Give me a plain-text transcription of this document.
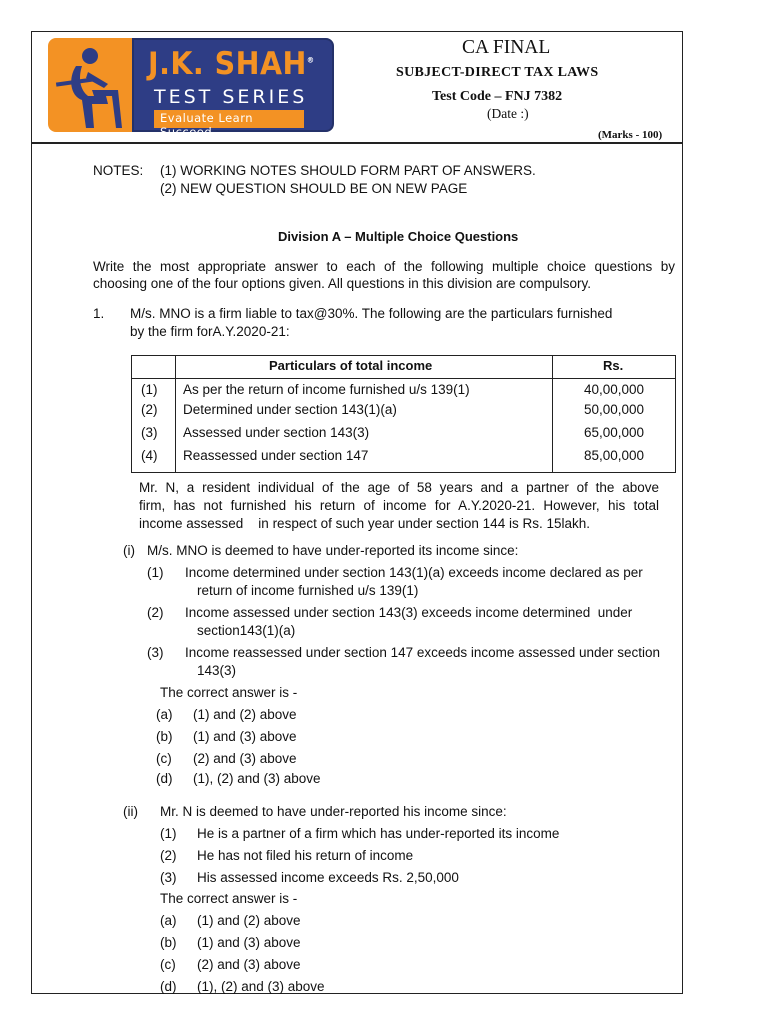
J.K. SHAH®
TEST SERIES
Evaluate Learn Succeed
CA FINAL
SUBJECT-DIRECT TAX LAWS
Test Code – FNJ 7382
(Date :)
(Marks - 100)
NOTES: (1) WORKING NOTES SHOULD FORM PART OF ANSWERS.
(2) NEW QUESTION SHOULD BE ON NEW PAGE
Division A – Multiple Choice Questions
Write the most appropriate answer to each of the following multiple choice questions by
choosing one of the four options given. All questions in this division are compulsory.
1. M/s. MNO is a firm liable to tax@30%. The following are the particulars furnished
by the firm forA.Y.2020-21:
Particulars of total income	Rs.
(1) As per the return of income furnished u/s 139(1)	40,00,000
(2) Determined under section 143(1)(a)	50,00,000
(3) Assessed under section 143(3)	65,00,000
(4) Reassessed under section 147	85,00,000
Mr. N, a resident individual of the age of 58 years and a partner of the above
firm, has not furnished his return of income for A.Y.2020-21. However, his total
income assessed    in respect of such year under section 144 is Rs. 15lakh.
(i) M/s. MNO is deemed to have under-reported its income since:
(1) Income determined under section 143(1)(a) exceeds income declared as per
return of income furnished u/s 139(1)
(2) Income assessed under section 143(3) exceeds income determined  under
section143(1)(a)
(3) Income reassessed under section 147 exceeds income assessed under section
143(3)
The correct answer is -
(a) (1) and (2) above
(b) (1) and (3) above
(c) (2) and (3) above
(d) (1), (2) and (3) above
(ii) Mr. N is deemed to have under-reported his income since:
(1) He is a partner of a firm which has under-reported its income
(2) He has not filed his return of income
(3) His assessed income exceeds Rs. 2,50,000
The correct answer is -
(a) (1) and (2) above
(b) (1) and (3) above
(c) (2) and (3) above
(d) (1), (2) and (3) above
